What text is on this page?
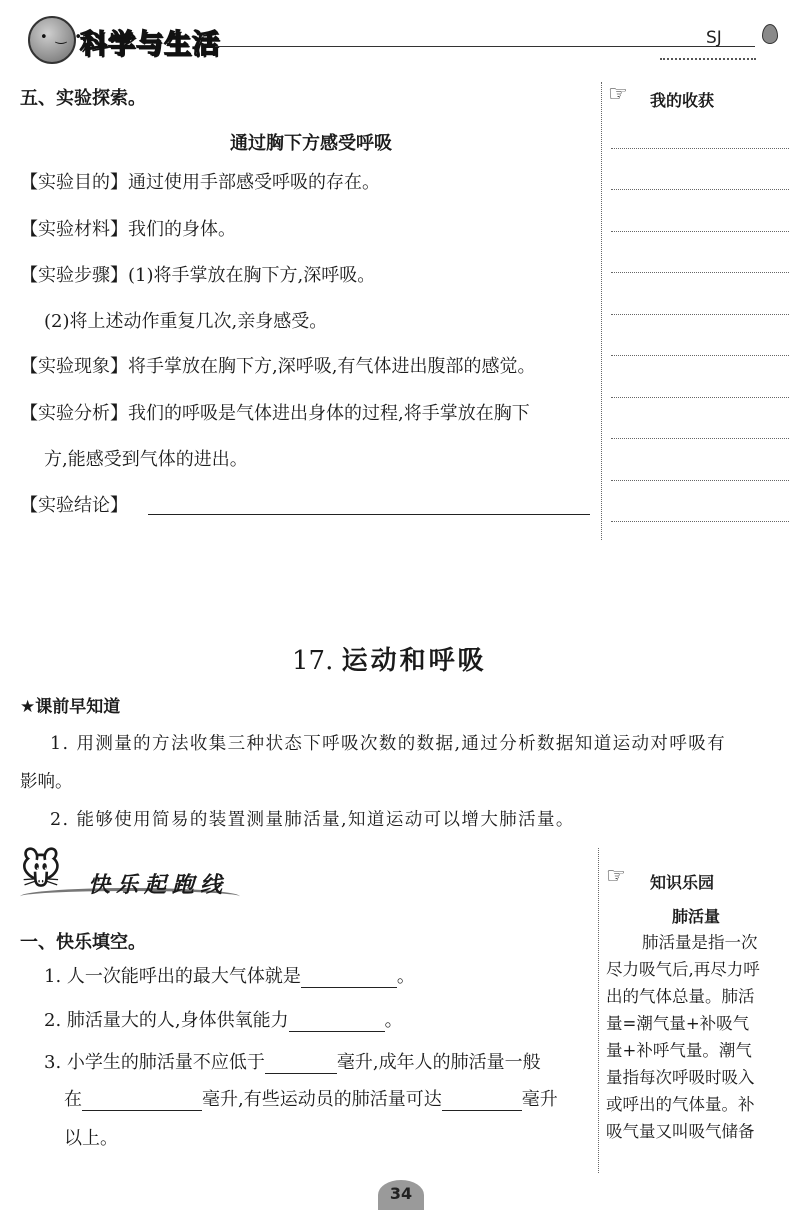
• ‿ •
科学与生活	SJ
五、实验探索。
通过胸下方感受呼吸
【实验目的】通过使用手部感受呼吸的存在。
【实验材料】我们的身体。
【实验步骤】(1)将手掌放在胸下方,深呼吸。
(2)将上述动作重复几次,亲身感受。
【实验现象】将手掌放在胸下方,深呼吸,有气体进出腹部的感觉。
【实验分析】我们的呼吸是气体进出身体的过程,将手掌放在胸下
方,能感受到气体的进出。
【实验结论】
☞ 我的收获
17. 运动和呼吸
★课前早知道
1. 用测量的方法收集三种状态下呼吸次数的数据,通过分析数据知道运动对呼吸有
影响。
2. 能够使用简易的装置测量肺活量,知道运动可以增大肺活量。
🐭 快乐起跑线
一、快乐填空。
1. 人一次能呼出的最大气体就是	。
2. 肺活量大的人,身体供氧能力	。
3. 小学生的肺活量不应低于	毫升,成年人的肺活量一般
在	毫升,有些运动员的肺活量可达	毫升
以上。
☞ 知识乐园
肺活量
肺活量是指一次
尽力吸气后,再尽力呼
出的气体总量。肺活
量=潮气量+补吸气
量+补呼气量。潮气
量指每次呼吸时吸入
或呼出的气体量。补
吸气量又叫吸气储备
34
